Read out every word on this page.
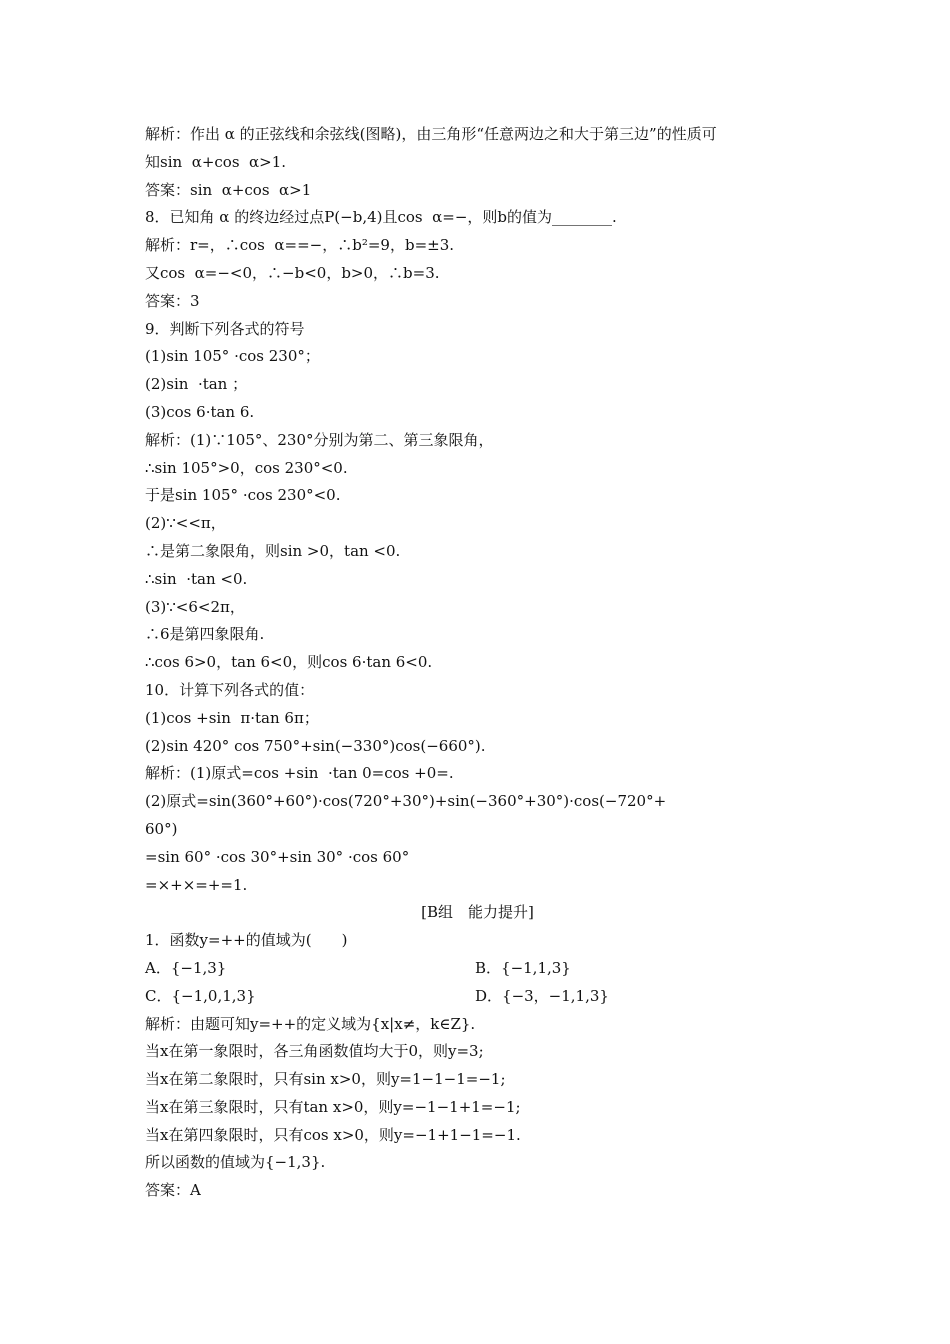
解析：作出 α 的正弦线和余弦线(图略)，由三角形“任意两边之和大于第三边”的性质可
知sin  α+cos  α>1.
答案：sin  α+cos  α>1
8．已知角 α 的终边经过点P(−b,4)且cos  α=−，则b的值为________.
解析：r=，∴cos  α==−，∴b²=9，b=±3.
又cos  α=−<0，∴−b<0，b>0，∴b=3.
答案：3
9．判断下列各式的符号
(1)sin 105° ·cos 230°；
(2)sin  ·tan ；
(3)cos 6·tan 6.
解析：(1)∵105°、230°分别为第二、第三象限角，
∴sin 105°>0，cos 230°<0.
于是sin 105° ·cos 230°<0.
(2)∵<<π，
∴是第二象限角，则sin >0，tan <0.
∴sin  ·tan <0.
(3)∵<6<2π，
∴6是第四象限角.
∴cos 6>0，tan 6<0，则cos 6·tan 6<0.
10．计算下列各式的值：
(1)cos +sin  π·tan 6π；
(2)sin 420° cos 750°+sin(−330°)cos(−660°).
解析：(1)原式=cos +sin  ·tan 0=cos +0=.
(2)原式=sin(360°+60°)·cos(720°+30°)+sin(−360°+30°)·cos(−720°+
60°)
=sin 60° ·cos 30°+sin 30° ·cos 60°
=×+×=+=1.
[B组　能力提升]
1．函数y=++的值域为(　　)
A．{−1,3}	B．{−1,1,3}
C．{−1,0,1,3}	D．{−3，−1,1,3}
解析：由题可知y=++的定义域为{x|x≠，k∈Z}.
当x在第一象限时，各三角函数值均大于0，则y=3;
当x在第二象限时，只有sin x>0，则y=1−1−1=−1;
当x在第三象限时，只有tan x>0，则y=−1−1+1=−1;
当x在第四象限时，只有cos x>0，则y=−1+1−1=−1.
所以函数的值域为{−1,3}.
答案：A
